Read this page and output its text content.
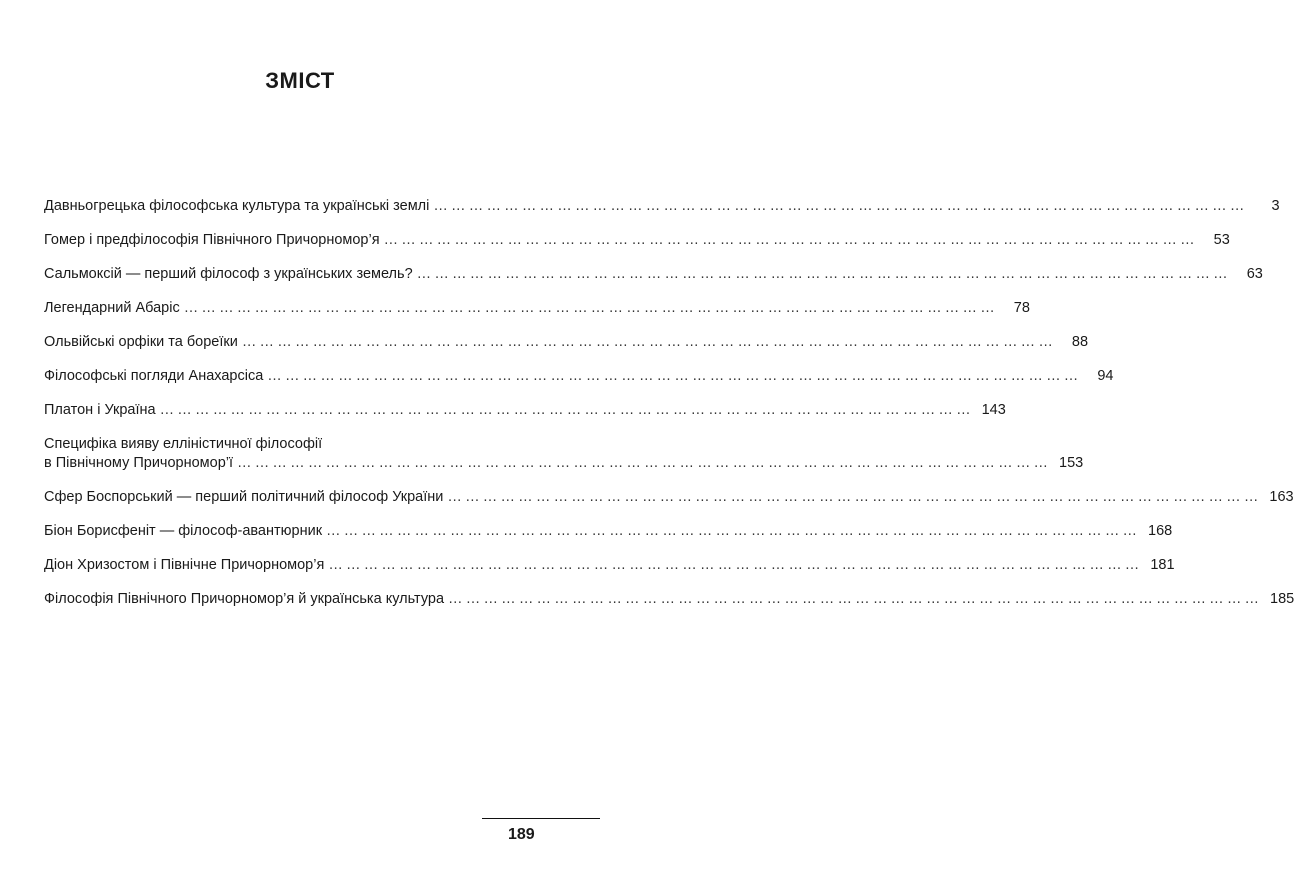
ЗМІСТ
Давньогрецька філософська культура та українські землі …………………………………………………………………………………………………………………………	3
Гомер і предфілософія Північного Причорномор’я …………………………………………………………………………………………………………………………	53
Сальмоксій — перший філософ з українських земель? …………………………………………………………………………………………………………………………	63
Легендарний Абаріс …………………………………………………………………………………………………………………………	78
Ольвійські орфіки та бореїки …………………………………………………………………………………………………………………………	88
Філософські погляди Анахарсіса …………………………………………………………………………………………………………………………	94
Платон і Україна ………………………………………………………………………………………………………………………… 143
Специфіка вияву елліністичної філософії
в Північному Причорномор’ї ………………………………………………………………………………………………………………………… 153
Сфер Боспорський — перший політичний філософ України ………………………………………………………………………………………………………………………… 163
Біон Борисфеніт — філософ-авантюрник ………………………………………………………………………………………………………………………… 168
Діон Хризостом і Північне Причорномор’я ………………………………………………………………………………………………………………………… 181
Філософія Північного Причорномор’я й українська культура ………………………………………………………………………………………………………………………… 185
189
